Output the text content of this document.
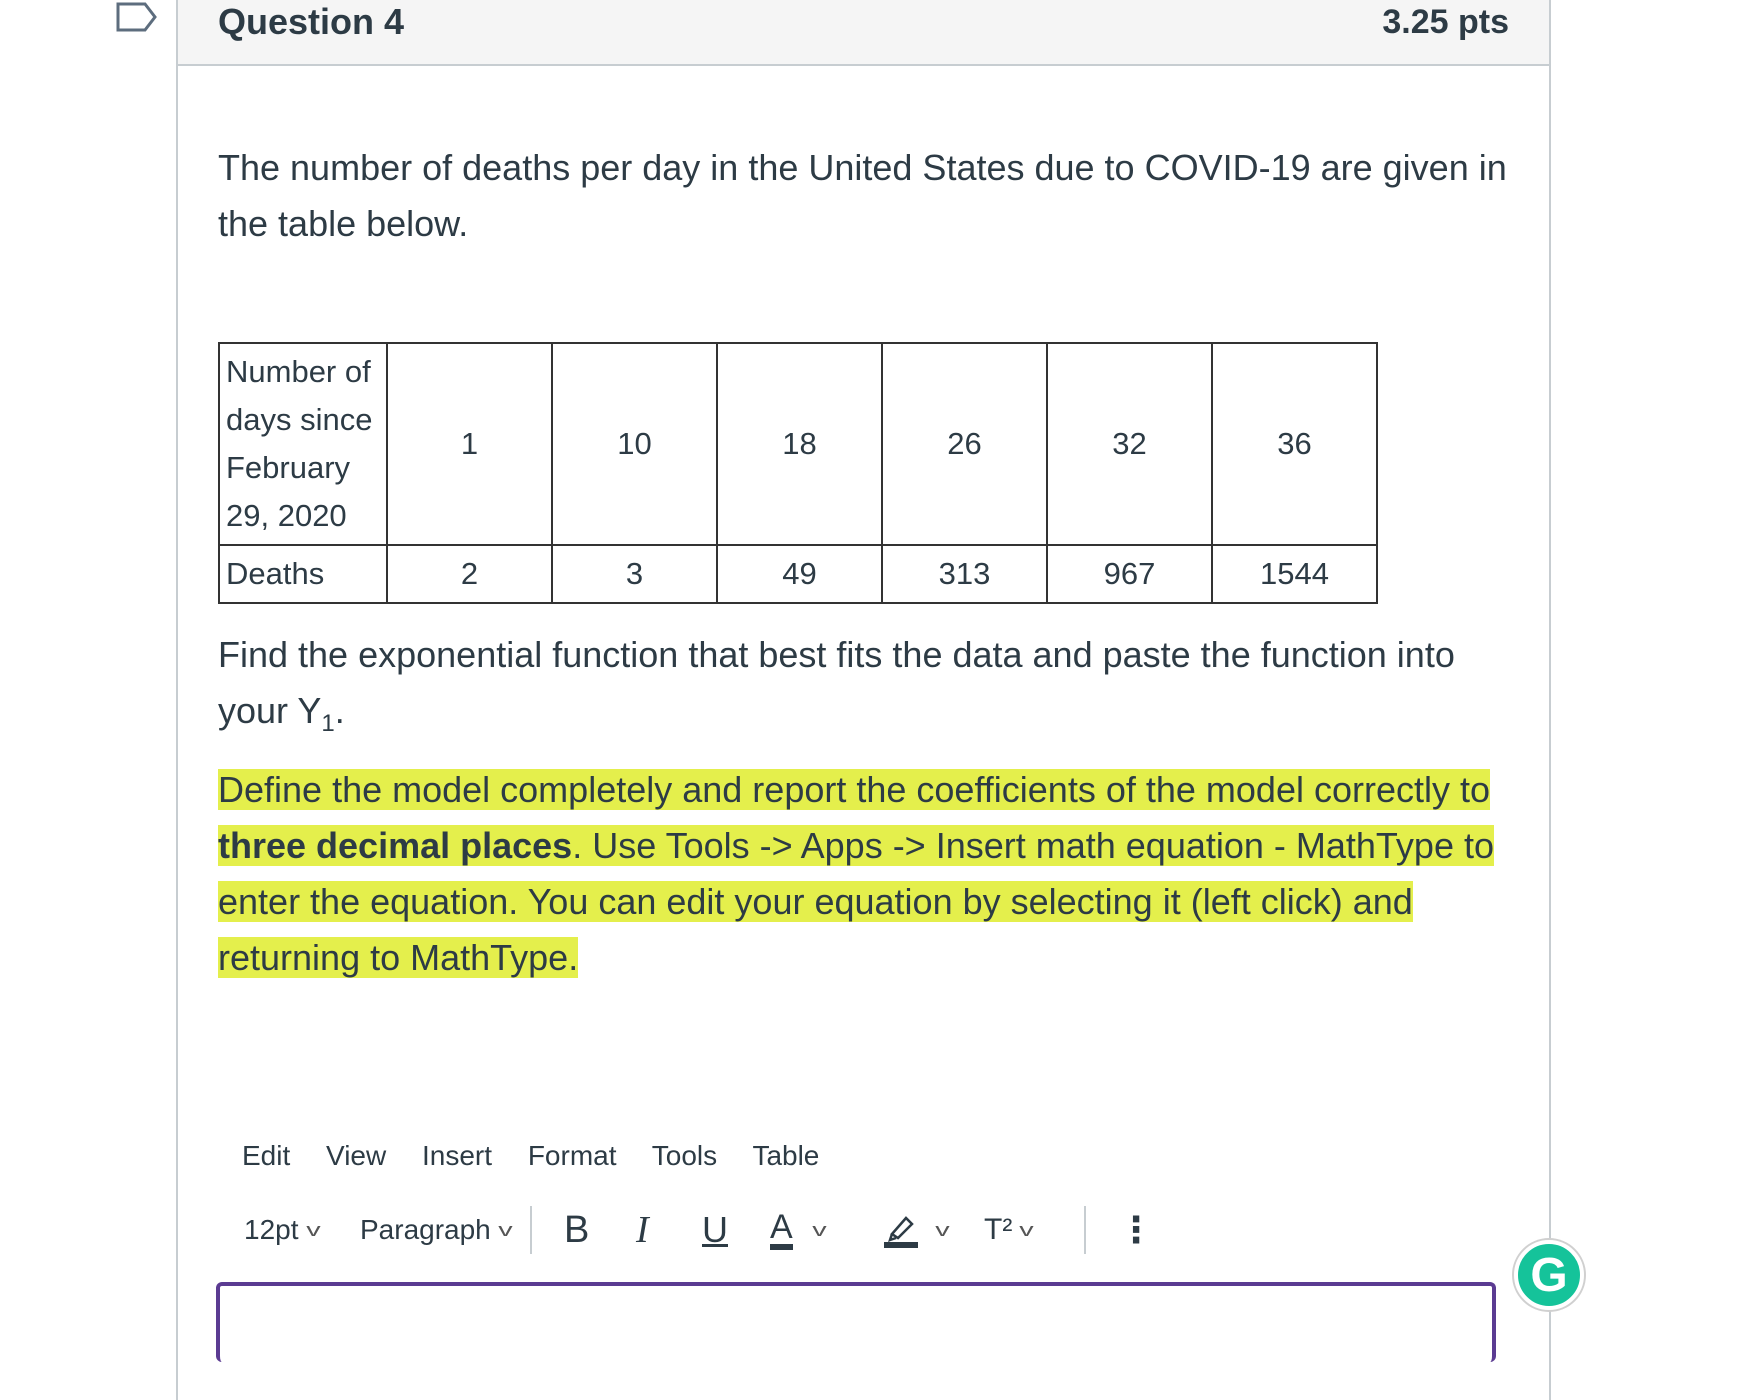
Question 4	3.25 pts

The number of deaths per day in the United States due to COVID-19 are given in the table below.

Number of days since February 29, 2020	1	10	18	26	32	36
Deaths	2	3	49	313	967	1544

Find the exponential function that best fits the data and paste the function into your $Y_1$.

Define the model completely and report the coefficients of the model correctly to three decimal places. Use Tools -> Apps -> Insert math equation - MathType to enter the equation. You can edit your equation by selecting it (left click) and returning to MathType.

Edit View Insert Format Tools Table
12pt v Paragraph v B I U A v	v T² v ⋮
G
